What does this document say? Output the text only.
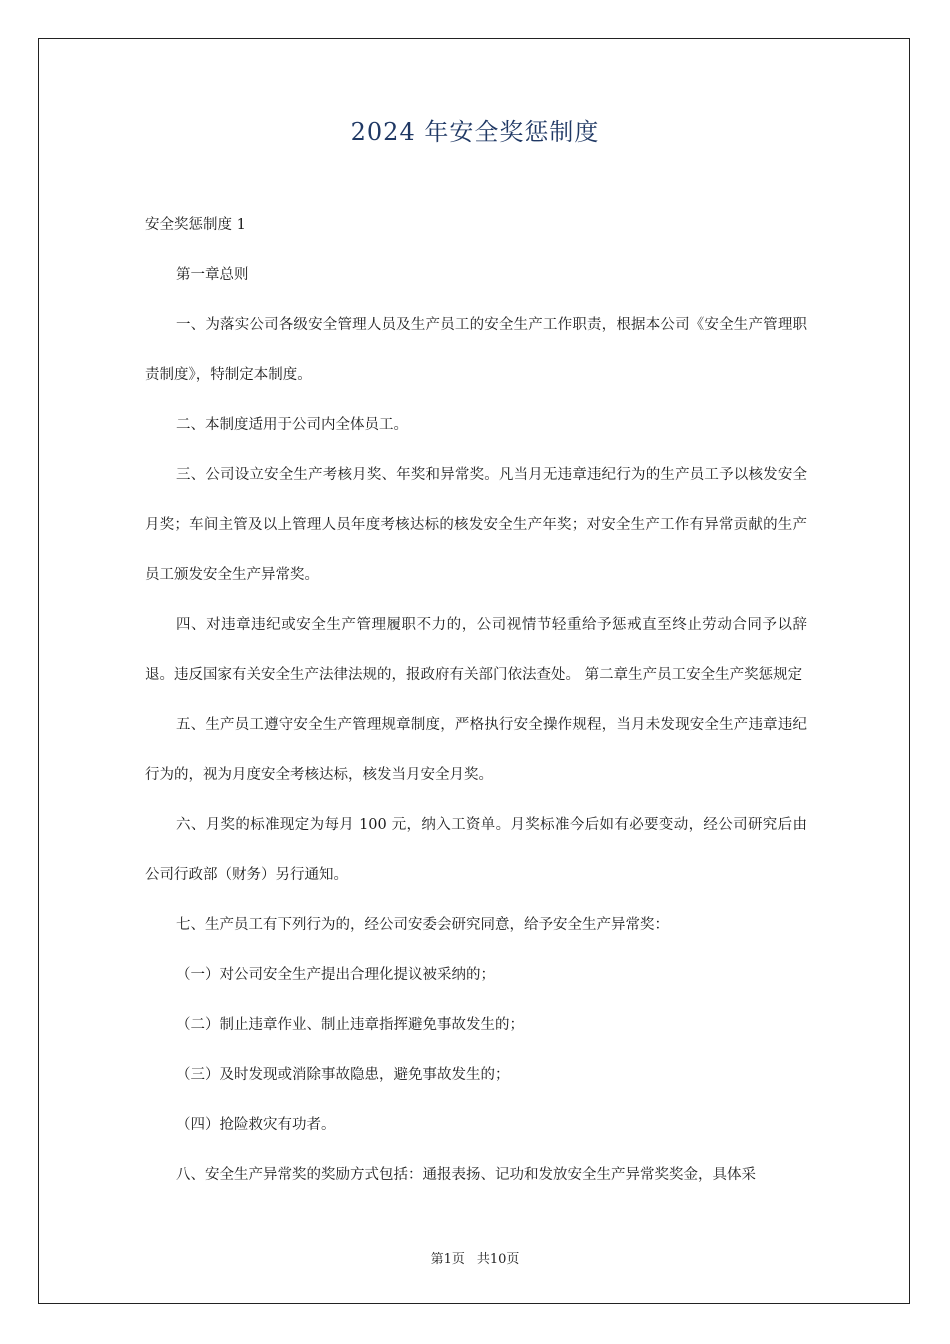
2024 年安全奖惩制度

安全奖惩制度 1

第一章总则

一、为落实公司各级安全管理人员及生产员工的安全生产工作职责，根据本公司《安全生产管理职责制度》，特制定本制度。

二、本制度适用于公司内全体员工。

三、公司设立安全生产考核月奖、年奖和异常奖。凡当月无违章违纪行为的生产员工予以核发安全月奖；车间主管及以上管理人员年度考核达标的核发安全生产年奖；对安全生产工作有异常贡献的生产员工颁发安全生产异常奖。

四、对违章违纪或安全生产管理履职不力的，公司视情节轻重给予惩戒直至终止劳动合同予以辞退。违反国家有关安全生产法律法规的，报政府有关部门依法查处。 第二章生产员工安全生产奖惩规定

五、生产员工遵守安全生产管理规章制度，严格执行安全操作规程，当月未发现安全生产违章违纪行为的，视为月度安全考核达标，核发当月安全月奖。

六、月奖的标准现定为每月 100 元，纳入工资单。月奖标准今后如有必要变动，经公司研究后由公司行政部（财务）另行通知。

七、生产员工有下列行为的，经公司安委会研究同意，给予安全生产异常奖：

（一）对公司安全生产提出合理化提议被采纳的；

（二）制止违章作业、制止违章指挥避免事故发生的；

（三）及时发现或消除事故隐患，避免事故发生的；

（四）抢险救灾有功者。

八、安全生产异常奖的奖励方式包括：通报表扬、记功和发放安全生产异常奖奖金，具体采

第1页 共10页
